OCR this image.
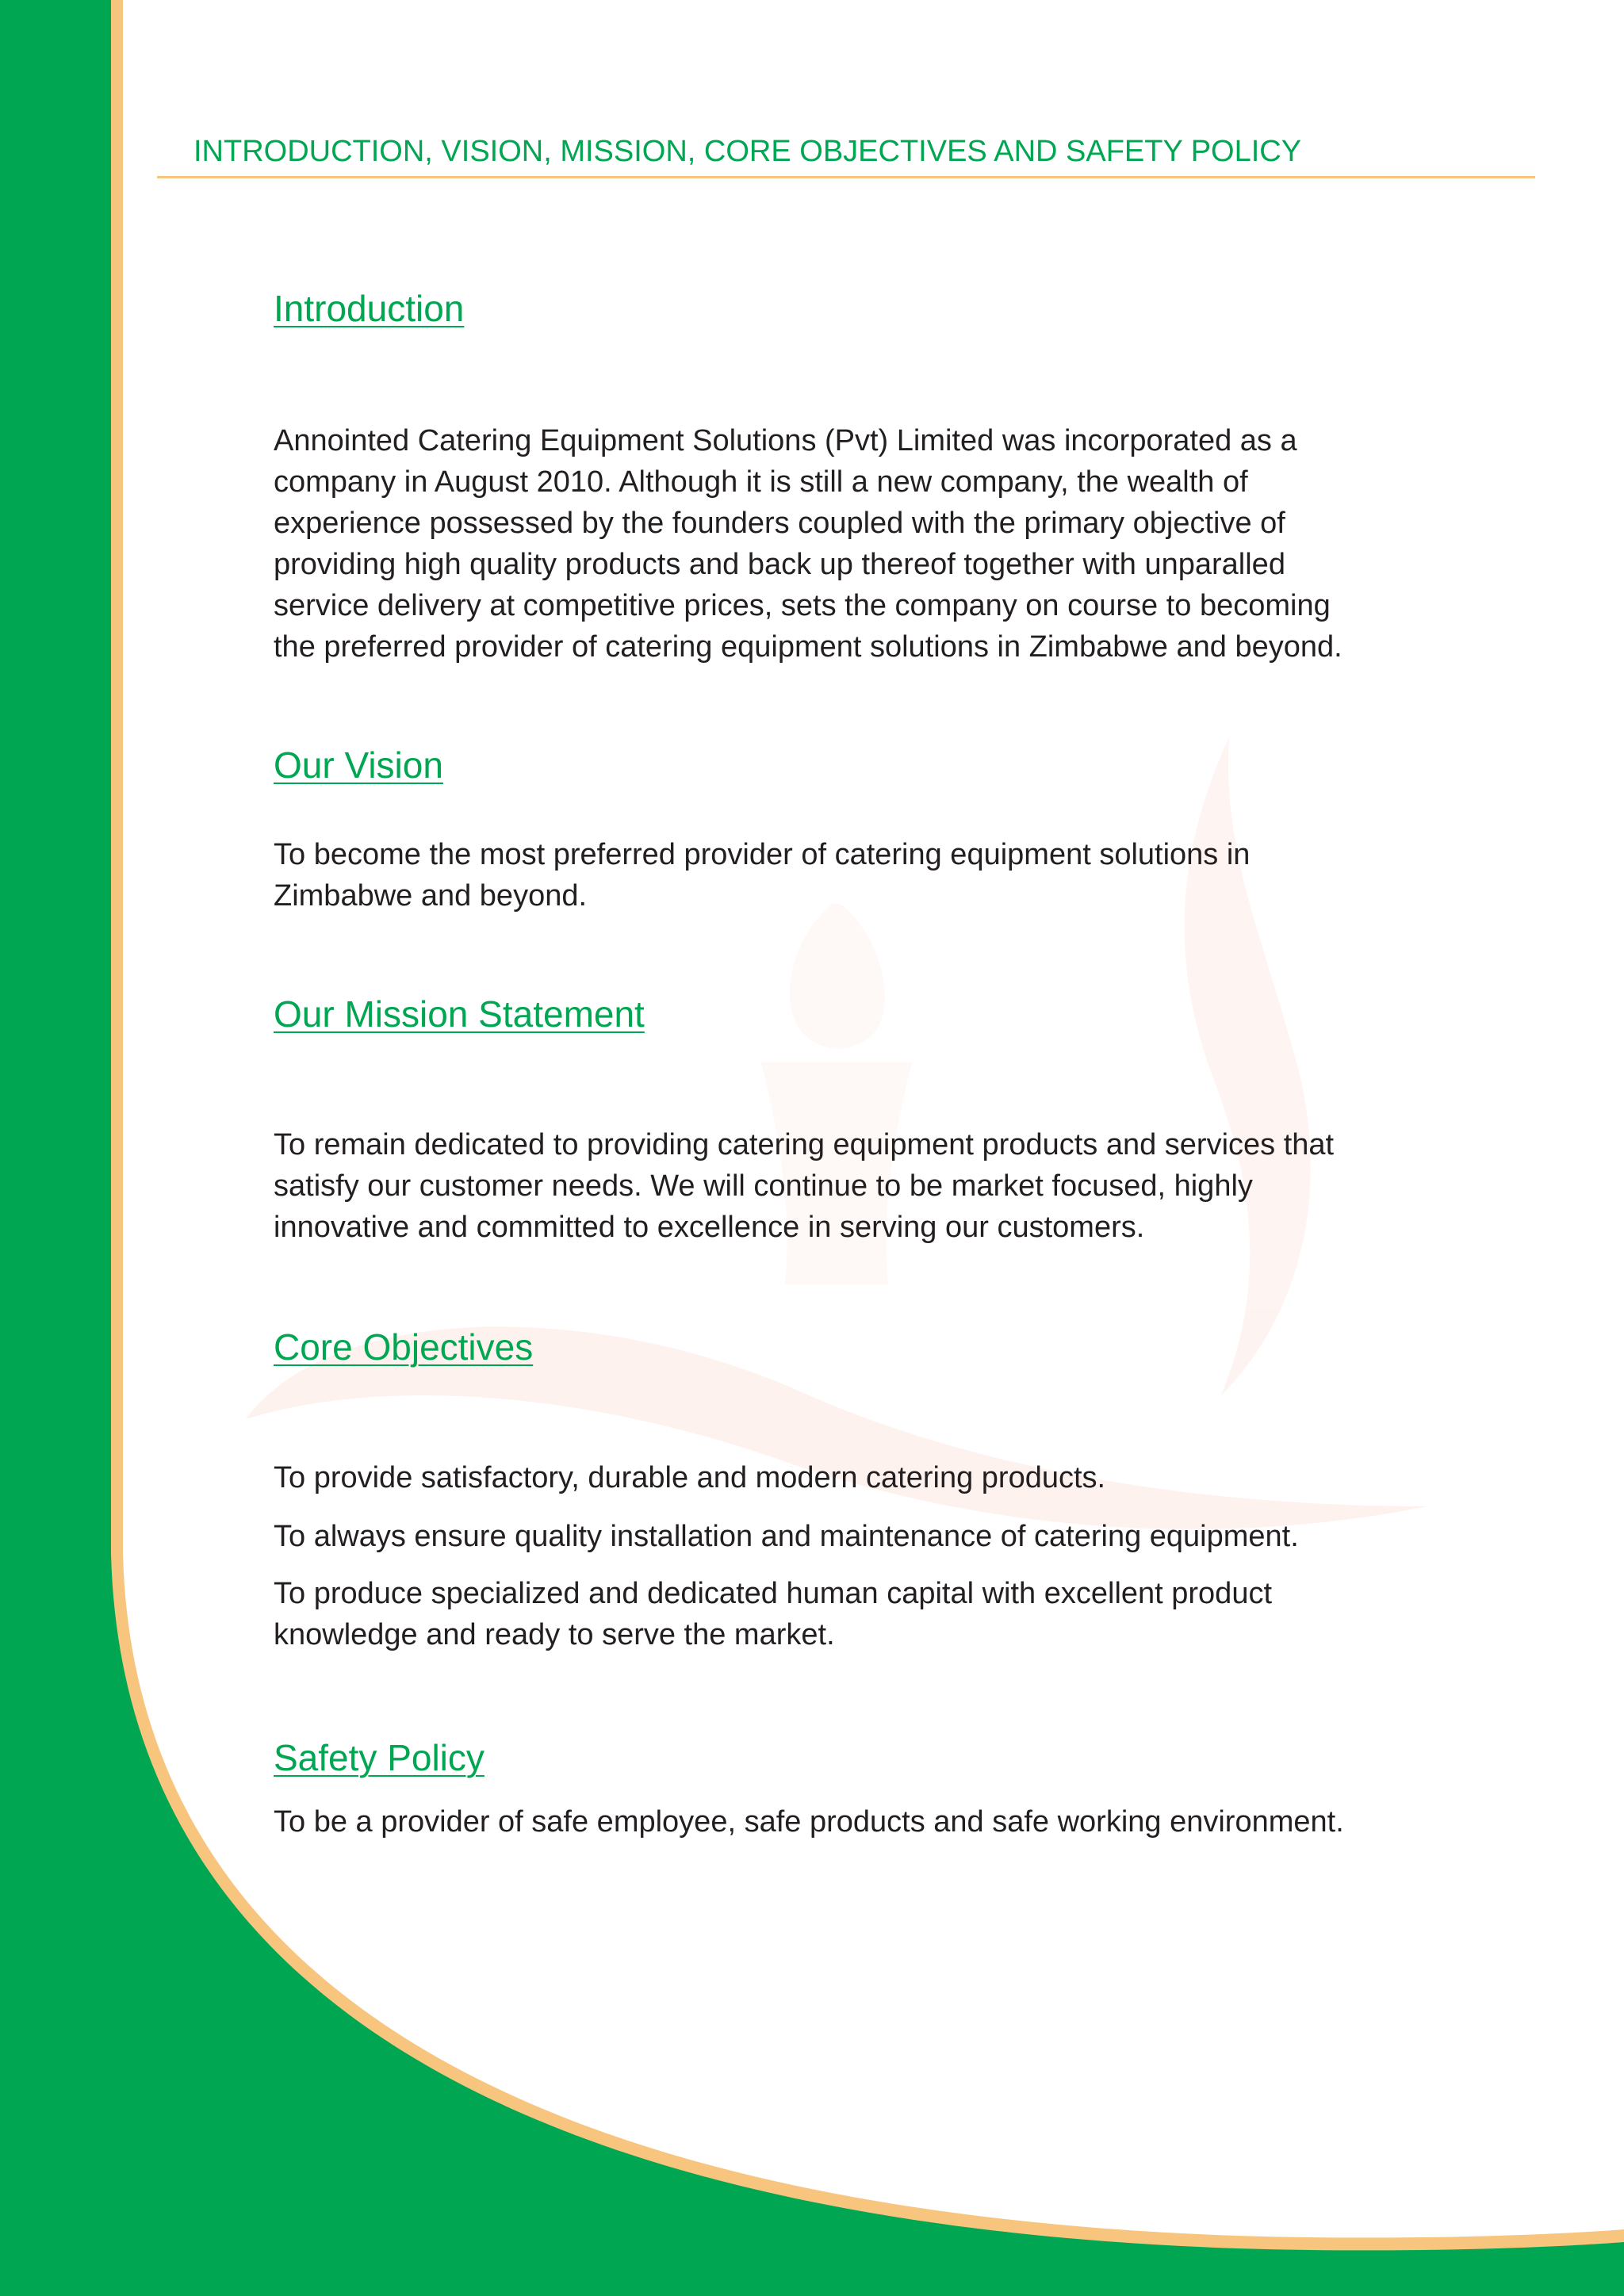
INTRODUCTION, VISION, MISSION, CORE OBJECTIVES AND SAFETY POLICY
Introduction

Annointed Catering Equipment Solutions (Pvt) Limited was incorporated as a
company in August 2010. Although it is still a new company, the wealth of
experience possessed by the founders coupled with the primary objective of
providing high quality products and back up thereof together with unparalled
service delivery at competitive prices, sets the company on course to becoming
the preferred provider of catering equipment solutions in Zimbabwe and beyond.

Our Vision

To become the most preferred provider of catering equipment solutions in
Zimbabwe and beyond.

Our Mission Statement

To remain dedicated to providing catering equipment products and services that
satisfy our customer needs. We will continue to be market focused, highly
innovative and committed to excellence in serving our customers.

Core Objectives

To provide satisfactory, durable and modern catering products.

To always ensure quality installation and maintenance of catering equipment.

To produce specialized and dedicated human capital with excellent product
knowledge and ready to serve the market.

Safety Policy

To be a provider of safe employee, safe products and safe working environment.
